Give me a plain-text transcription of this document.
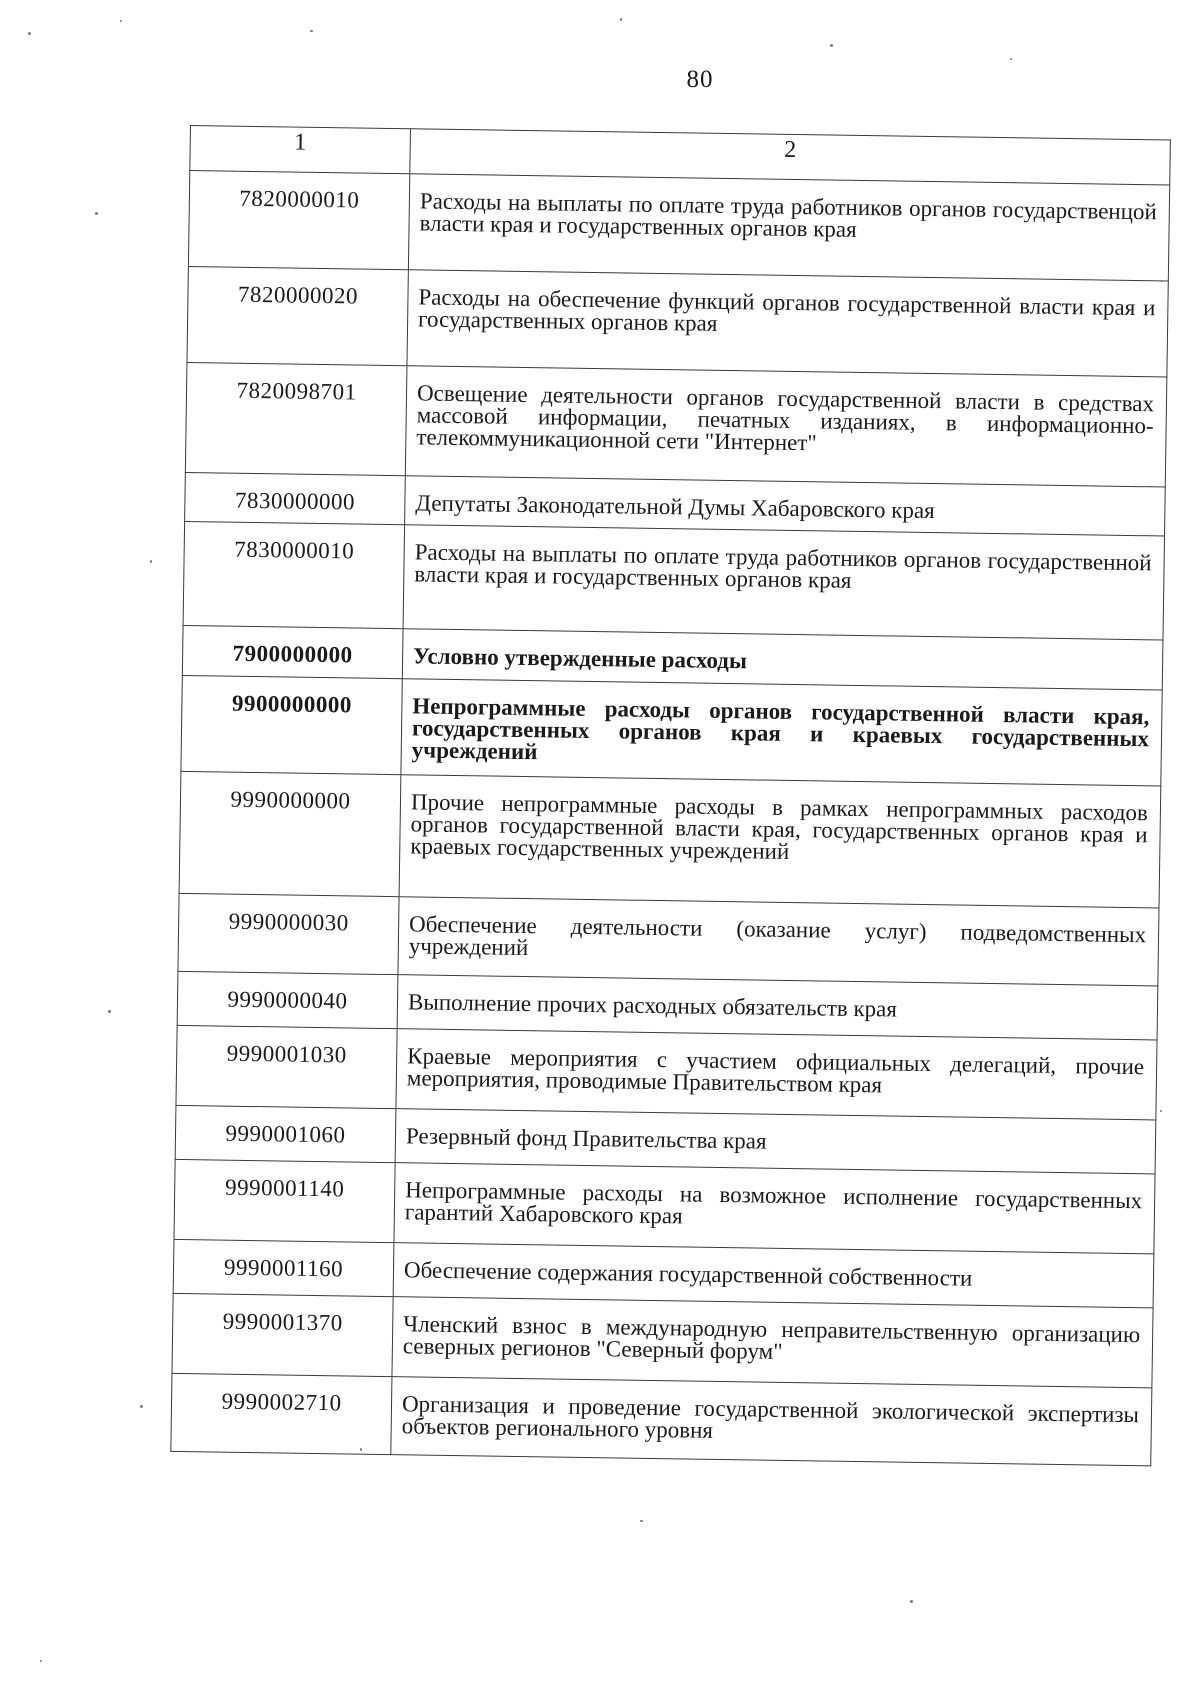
80
1	2
7820000010	Расходы на выплаты по оплате труда работников органов государственцой власти края и государственных органов края
7820000020	Расходы на обеспечение функций органов государственной власти края и государственных органов края
7820098701	Освещение деятельности органов государственной власти в средствах массовой информации, печатных изданиях, в информационно-телекоммуникационной сети "Интернет"
7830000000	Депутаты Законодательной Думы Хабаровского края
7830000010	Расходы на выплаты по оплате труда работников органов государственной власти края и государственных органов края
7900000000	Условно утвержденные расходы
9900000000	Непрограммные расходы органов государственной власти края, государственных органов края и краевых государственных учреждений
9990000000	Прочие непрограммные расходы в рамках непрограммных расходов органов государственной власти края, государственных органов края и краевых государственных учреждений
9990000030	Обеспечение деятельности (оказание услуг) подведомственных учреждений
9990000040	Выполнение прочих расходных обязательств края
9990001030	Краевые мероприятия с участием официальных делегаций, прочие мероприятия, проводимые Правительством края
9990001060	Резервный фонд Правительства края
9990001140	Непрограммные расходы на возможное исполнение государственных гарантий Хабаровского края
9990001160	Обеспечение содержания государственной собственности
9990001370	Членский взнос в международную неправительственную организацию северных регионов "Северный форум"
9990002710	Организация и проведение государственной экологической экспертизы объектов регионального уровня
